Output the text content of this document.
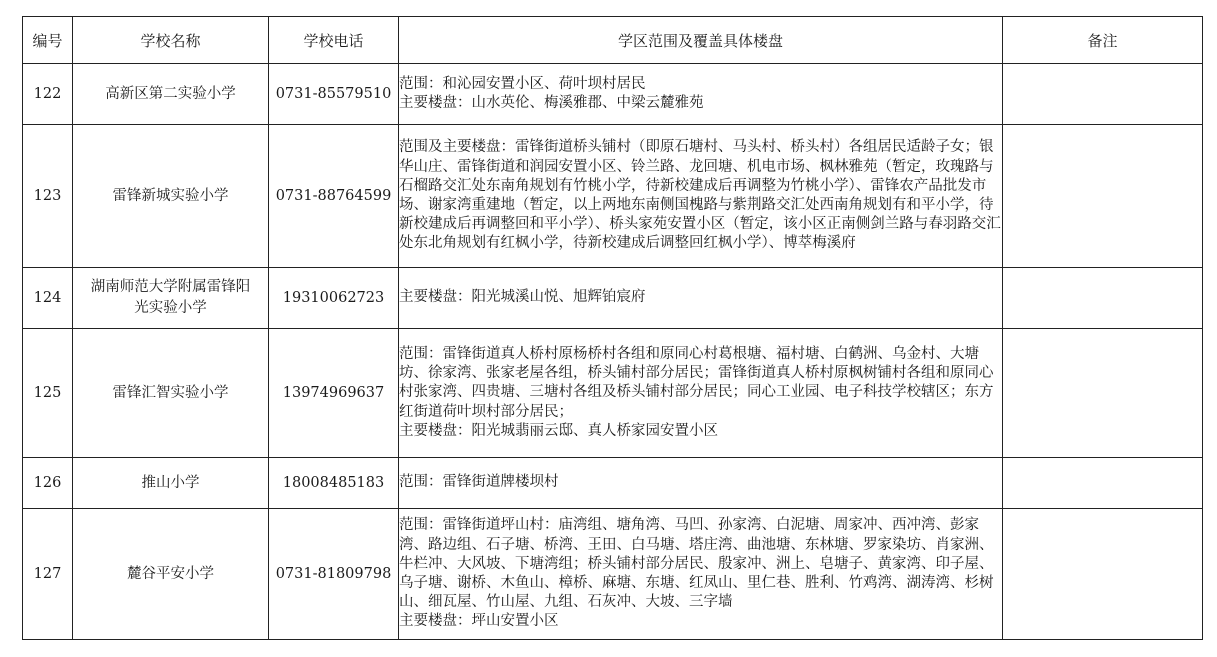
编号	学校名称	学校电话	学区范围及覆盖具体楼盘	备注
122	高新区第二实验小学	0731-85579510	范围：和沁园安置小区、荷叶坝村居民
主要楼盘：山水英伦、梅溪雅郡、中梁云麓雅苑	

123	雷锋新城实验小学	0731-88764599	范围及主要楼盘：雷锋街道桥头铺村（即原石塘村、马头村、桥头村）各组居民适龄子女；银华山庄、雷锋街道和润园安置小区、铃兰路、龙回塘、机电市场、枫林雅苑（暂定，玫瑰路与石榴路交汇处东南角规划有竹桃小学，待新校建成后再调整为竹桃小学）、雷锋农产品批发市场、谢家湾重建地（暂定，以上两地东南侧国槐路与紫荆路交汇处西南角规划有和平小学，待新校建成后再调整回和平小学）、桥头家苑安置小区（暂定，该小区正南侧剑兰路与春羽路交汇处东北角规划有红枫小学，待新校建成后调整回红枫小学）、博萃梅溪府	

124	湖南师范大学附属雷锋阳光实验小学	19310062723	主要楼盘：阳光城溪山悦、旭辉铂宸府	

125	雷锋汇智实验小学	13974969637	范围：雷锋街道真人桥村原杨桥村各组和原同心村葛根塘、福村塘、白鹤洲、乌金村、大塘坊、徐家湾、张家老屋各组，桥头铺村部分居民；雷锋街道真人桥村原枫树铺村各组和原同心村张家湾、四贵塘、三塘村各组及桥头铺村部分居民；同心工业园、电子科技学校辖区；东方红街道荷叶坝村部分居民；
主要楼盘：阳光城翡丽云邸、真人桥家园安置小区	

126	推山小学	18008485183	范围：雷锋街道牌楼坝村	

127	麓谷平安小学	0731-81809798	范围：雷锋街道坪山村：庙湾组、塘角湾、马凹、孙家湾、白泥塘、周家冲、西冲湾、彭家湾、路边组、石子塘、桥湾、王田、白马塘、塔庄湾、曲池塘、东林塘、罗家染坊、肖家洲、牛栏冲、大风坡、下塘湾组；桥头铺村部分居民、殷家冲、洲上、皂塘子、黄家湾、印子屋、乌子塘、谢桥、木鱼山、樟桥、麻塘、东塘、红凤山、里仁巷、胜利、竹鸡湾、湖涛湾、杉树山、细瓦屋、竹山屋、九组、石灰冲、大坡、三字墙
主要楼盘：坪山安置小区	
